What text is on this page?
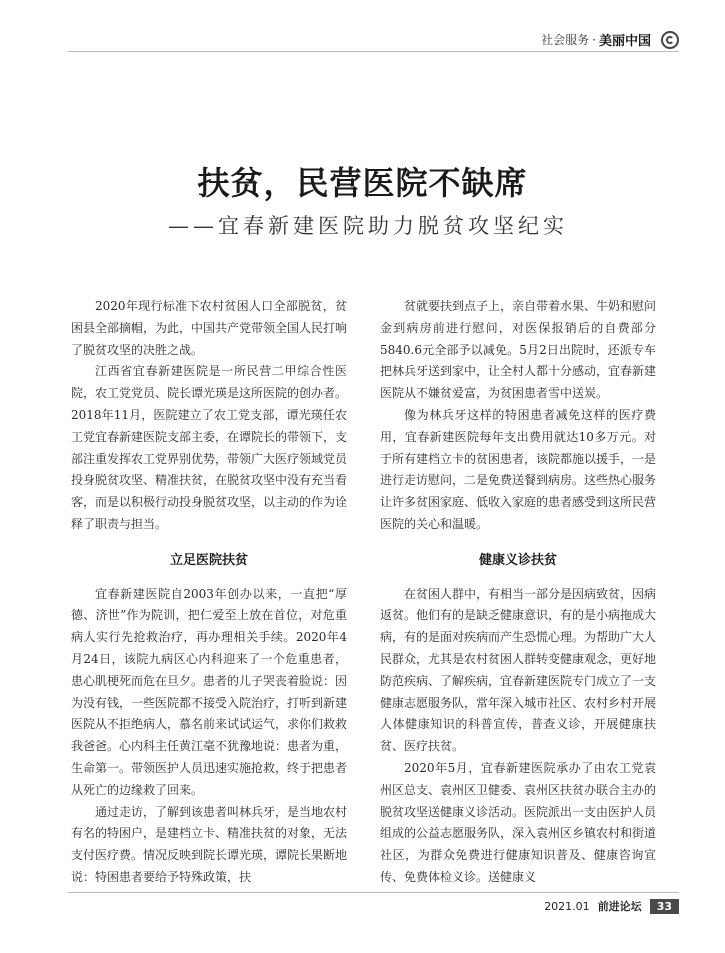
社会服务 · 美丽中国
扶贫，民营医院不缺席
——宜春新建医院助力脱贫攻坚纪实

2020年现行标准下农村贫困人口全部脱贫，贫困县全部摘帽，为此，中国共产党带领全国人民打响了脱贫攻坚的决胜之战。

江西省宜春新建医院是一所民营二甲综合性医院，农工党党员、院长谭光瑛是这所医院的创办者。2018年11月，医院建立了农工党支部，谭光瑛任农工党宜春新建医院支部主委，在谭院长的带领下，支部注重发挥农工党界别优势，带领广大医疗领域党员投身脱贫攻坚、精准扶贫，在脱贫攻坚中没有充当看客，而是以积极行动投身脱贫攻坚，以主动的作为诠释了职责与担当。

立足医院扶贫

宜春新建医院自2003年创办以来，一直把“厚德、济世”作为院训，把仁爱至上放在首位，对危重病人实行先抢救治疗，再办理相关手续。2020年4月24日，该院九病区心内科迎来了一个危重患者，患心肌梗死而危在旦夕。患者的儿子哭丧着脸说：因为没有钱，一些医院都不接受入院治疗，打听到新建医院从不拒绝病人，慕名前来试试运气，求你们救救我爸爸。心内科主任黄江毫不犹豫地说：患者为重，生命第一。带领医护人员迅速实施抢救，终于把患者从死亡的边缘救了回来。

通过走访，了解到该患者叫林兵牙，是当地农村有名的特困户，是建档立卡、精准扶贫的对象，无法支付医疗费。情况反映到院长谭光瑛，谭院长果断地说：特困患者要给予特殊政策，扶

贫就要扶到点子上，亲自带着水果、牛奶和慰问金到病房前进行慰问，对医保报销后的自费部分5840.6元全部予以减免。5月2日出院时，还派专车把林兵牙送到家中，让全村人都十分感动，宜春新建医院从不嫌贫爱富，为贫困患者雪中送炭。

像为林兵牙这样的特困患者减免这样的医疗费用，宜春新建医院每年支出费用就达10多万元。对于所有建档立卡的贫困患者，该院都施以援手，一是进行走访慰问，二是免费送餐到病房。这些热心服务让许多贫困家庭、低收入家庭的患者感受到这所民营医院的关心和温暖。

健康义诊扶贫

在贫困人群中，有相当一部分是因病致贫，因病返贫。他们有的是缺乏健康意识，有的是小病拖成大病，有的是面对疾病而产生恐慌心理。为帮助广大人民群众，尤其是农村贫困人群转变健康观念，更好地防范疾病、了解疾病，宜春新建医院专门成立了一支健康志愿服务队，常年深入城市社区、农村乡村开展人体健康知识的科普宣传，普查义诊，开展健康扶贫、医疗扶贫。

2020年5月，宜春新建医院承办了由农工党袁州区总支、袁州区卫健委、袁州区扶贫办联合主办的脱贫攻坚送健康义诊活动。医院派出一支由医护人员组成的公益志愿服务队，深入袁州区乡镇农村和街道社区，为群众免费进行健康知识普及、健康咨询宣传、免费体检义诊。送健康义

2021.01 前进论坛	33
